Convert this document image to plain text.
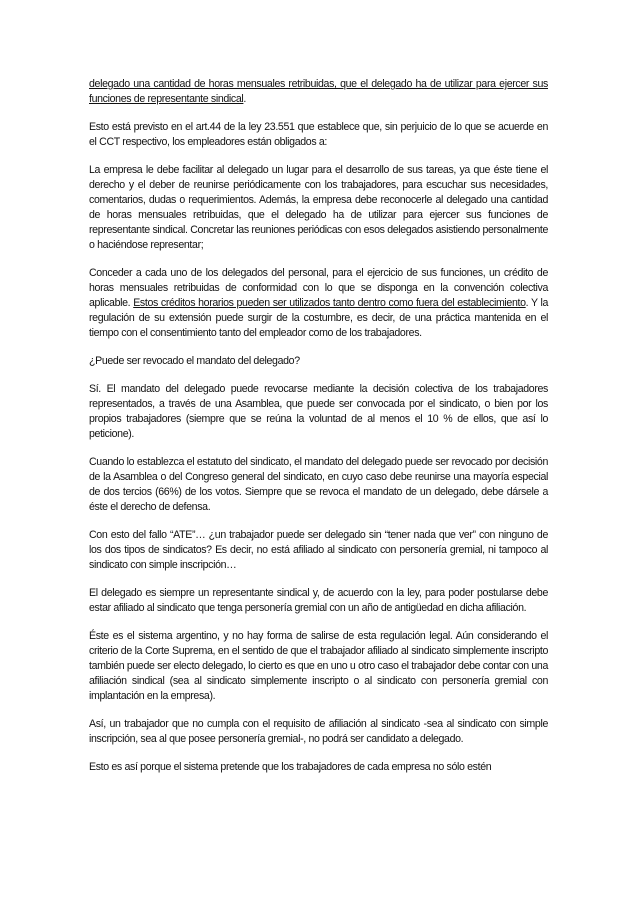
delegado una cantidad de horas mensuales retribuidas, que el delegado ha de utilizar para ejercer sus funciones de representante sindical.

Esto está previsto en el art.44 de la ley 23.551 que establece que, sin perjuicio de lo que se acuerde en el CCT respectivo, los empleadores están obligados a:

La empresa le debe facilitar al delegado un lugar para el desarrollo de sus tareas, ya que éste tiene el derecho y el deber de reunirse periódicamente con los trabajadores, para escuchar sus necesidades, comentarios, dudas o requerimientos. Además, la empresa debe reconocerle al delegado una cantidad de horas mensuales retribuidas, que el delegado ha de utilizar para ejercer sus funciones de representante sindical. Concretar las reuniones periódicas con esos delegados asistiendo personalmente o haciéndose representar;

Conceder a cada uno de los delegados del personal, para el ejercicio de sus funciones, un crédito de horas mensuales retribuidas de conformidad con lo que se disponga en la convención colectiva aplicable. Estos créditos horarios pueden ser utilizados tanto dentro como fuera del establecimiento. Y la regulación de su extensión puede surgir de la costumbre, es decir, de una práctica mantenida en el tiempo con el consentimiento tanto del empleador como de los trabajadores.

¿Puede ser revocado el mandato del delegado?

Sí. El mandato del delegado puede revocarse mediante la decisión colectiva de los trabajadores representados, a través de una Asamblea, que puede ser convocada por el sindicato, o bien por los propios trabajadores (siempre que se reúna la voluntad de al menos el 10 % de ellos, que así lo peticione).

Cuando lo establezca el estatuto del sindicato, el mandato del delegado puede ser revocado por decisión de la Asamblea o del Congreso general del sindicato, en cuyo caso debe reunirse una mayoría especial de dos tercios (66%) de los votos. Siempre que se revoca el mandato de un delegado, debe dársele a éste el derecho de defensa.

Con esto del fallo “ATE”… ¿un trabajador puede ser delegado sin “tener nada que ver” con ninguno de los dos tipos de sindicatos? Es decir, no está afiliado al sindicato con personería gremial, ni tampoco al sindicato con simple inscripción…

El delegado es siempre un representante sindical y, de acuerdo con la ley, para poder postularse debe estar afiliado al sindicato que tenga personería gremial con un año de antigüedad en dicha afiliación.

Éste es el sistema argentino, y no hay forma de salirse de esta regulación legal. Aún considerando el criterio de la Corte Suprema, en el sentido de que el trabajador afiliado al sindicato simplemente inscripto también puede ser electo delegado, lo cierto es que en uno u otro caso el trabajador debe contar con una afiliación sindical (sea al sindicato simplemente inscripto o al sindicato con personería gremial con implantación en la empresa).

Así, un trabajador que no cumpla con el requisito de afiliación al sindicato -sea al sindicato con simple inscripción, sea al que posee personería gremial-, no podrá ser candidato a delegado.

Esto es así porque el sistema pretende que los trabajadores de cada empresa no sólo estén
